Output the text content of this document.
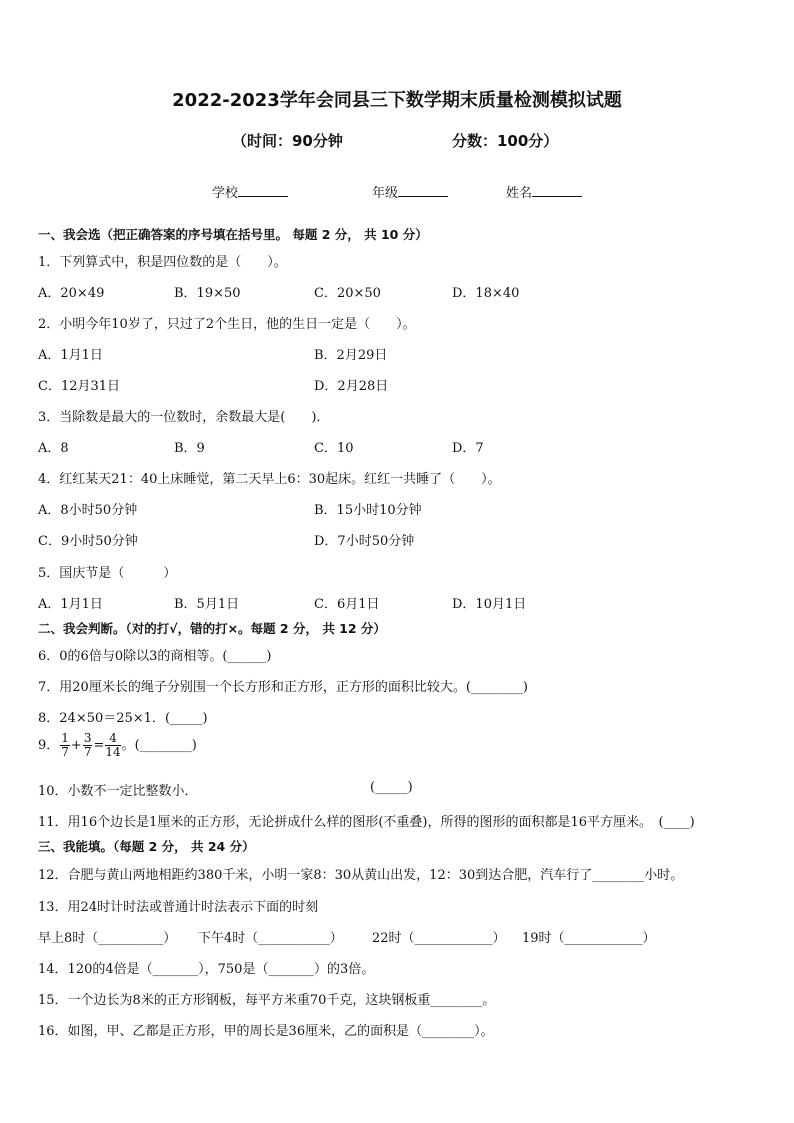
2022-2023学年会同县三下数学期末质量检测模拟试题
（时间：90分钟	分数：100分）
学校	年级	姓名
一、我会选（把正确答案的序号填在括号里。 每题 2 分， 共 10 分）
1．下列算式中，积是四位数的是（　　）。
A．20×49	B．19×50	C．20×50	D．18×40
2．小明今年10岁了，只过了2个生日，他的生日一定是（　　）。
A．1月1日	B．2月29日
C．12月31日	D．2月28日
3．当除数是最大的一位数时，余数最大是(　　)．
A．8	B．9	C．10	D．7
4．红红某天21：40上床睡觉，第二天早上6：30起床。红红一共睡了（　　）。
A．8小时50分钟	B．15小时10分钟
C．9小时50分钟	D．7小时50分钟
5．国庆节是（　　　）
A．1月1日	B．5月1日	C．6月1日	D．10月1日
二、我会判断。（对的打√，错的打×。每题 2 分， 共 12 分）
6．0的6倍与0除以3的商相等。(______)
7．用20厘米长的绳子分别围一个长方形和正方形，正方形的面积比较大。(________)
8．24×50＝25×1．(_____)
9． $\frac{1}{7} + \frac{3}{7} = \frac{4}{14}$ 。(________)
10．小数不一定比整数小．	(_____)
11．用16个边长是1厘米的正方形，无论拼成什么样的图形(不重叠)，所得的图形的面积都是16平方厘米。　(____)
三、我能填。（每题 2 分， 共 24 分）
12．合肥与黄山两地相距约380千米，小明一家8：30从黄山出发，12：30到达合肥，汽车行了________小时。
13．用24时计时法或普通计时法表示下面的时刻
早上8时（__________） 下午4时（___________） 22时（____________） 19时（____________）
14．120的4倍是（_______），750是（_______）的3倍。
15．一个边长为8米的正方形钢板，每平方米重70千克，这块钢板重________。
16．如图，甲、乙都是正方形，甲的周长是36厘米，乙的面积是（________）。
